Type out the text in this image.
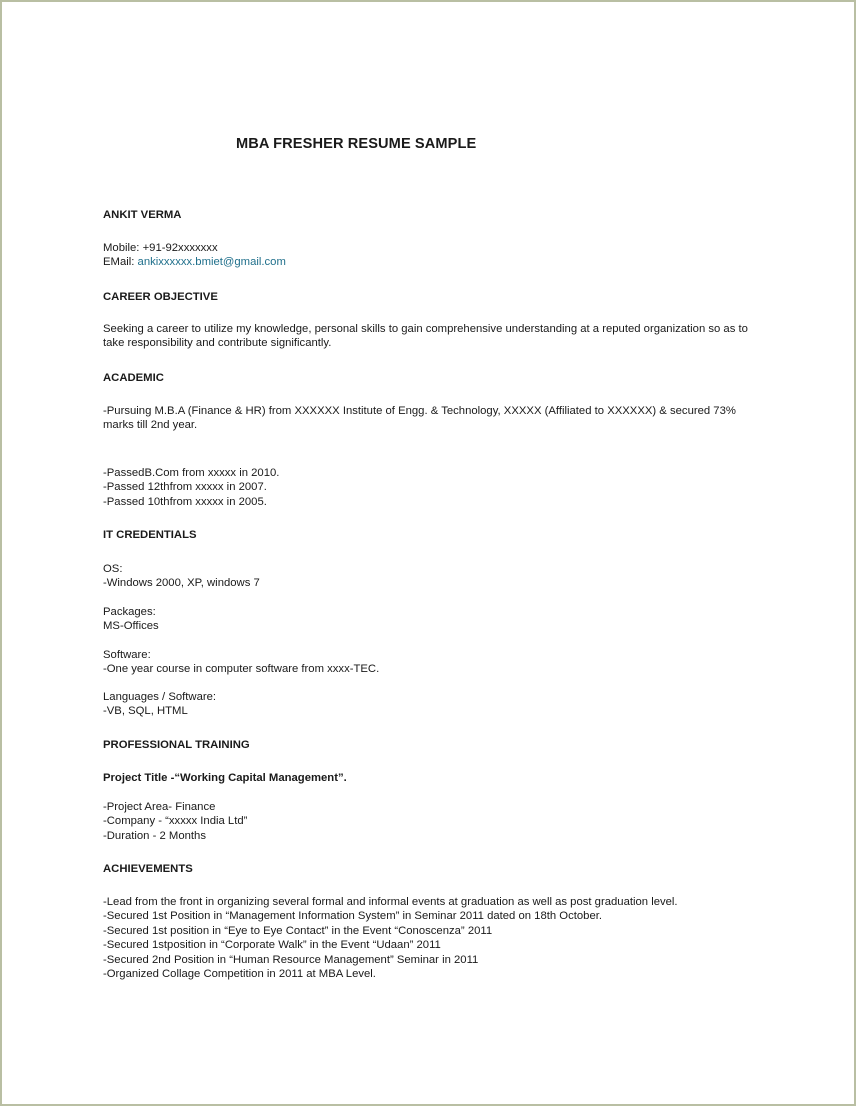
MBA FRESHER RESUME SAMPLE
ANKIT VERMA
Mobile: +91-92xxxxxxx
EMail: ankixxxxxx.bmiet@gmail.com
CAREER OBJECTIVE
Seeking a career to utilize my knowledge, personal skills to gain comprehensive understanding at a reputed organization so as to take responsibility and contribute significantly.
ACADEMIC
-Pursuing M.B.A (Finance & HR) from XXXXXX Institute of Engg. & Technology, XXXXX (Affiliated to XXXXXX) & secured 73% marks till 2nd year.
-PassedB.Com from xxxxx in 2010.
-Passed 12thfrom xxxxx in 2007.
-Passed 10thfrom xxxxx in 2005.
IT CREDENTIALS
OS:
-Windows 2000, XP, windows 7
Packages:
MS-Offices
Software:
-One year course in computer software from xxxx-TEC.
Languages / Software:
-VB, SQL, HTML
PROFESSIONAL TRAINING
Project Title -“Working Capital Management”.
-Project Area- Finance
-Company - “xxxxx India Ltd”
-Duration - 2 Months
ACHIEVEMENTS
-Lead from the front in organizing several formal and informal events at graduation as well as post graduation level.
-Secured 1st Position in “Management Information System” in Seminar 2011 dated on 18th October.
-Secured 1st position in “Eye to Eye Contact” in the Event “Conoscenza” 2011
-Secured 1stposition in “Corporate Walk” in the Event “Udaan” 2011
-Secured 2nd Position in “Human Resource Management” Seminar in 2011
-Organized Collage Competition in 2011 at MBA Level.
